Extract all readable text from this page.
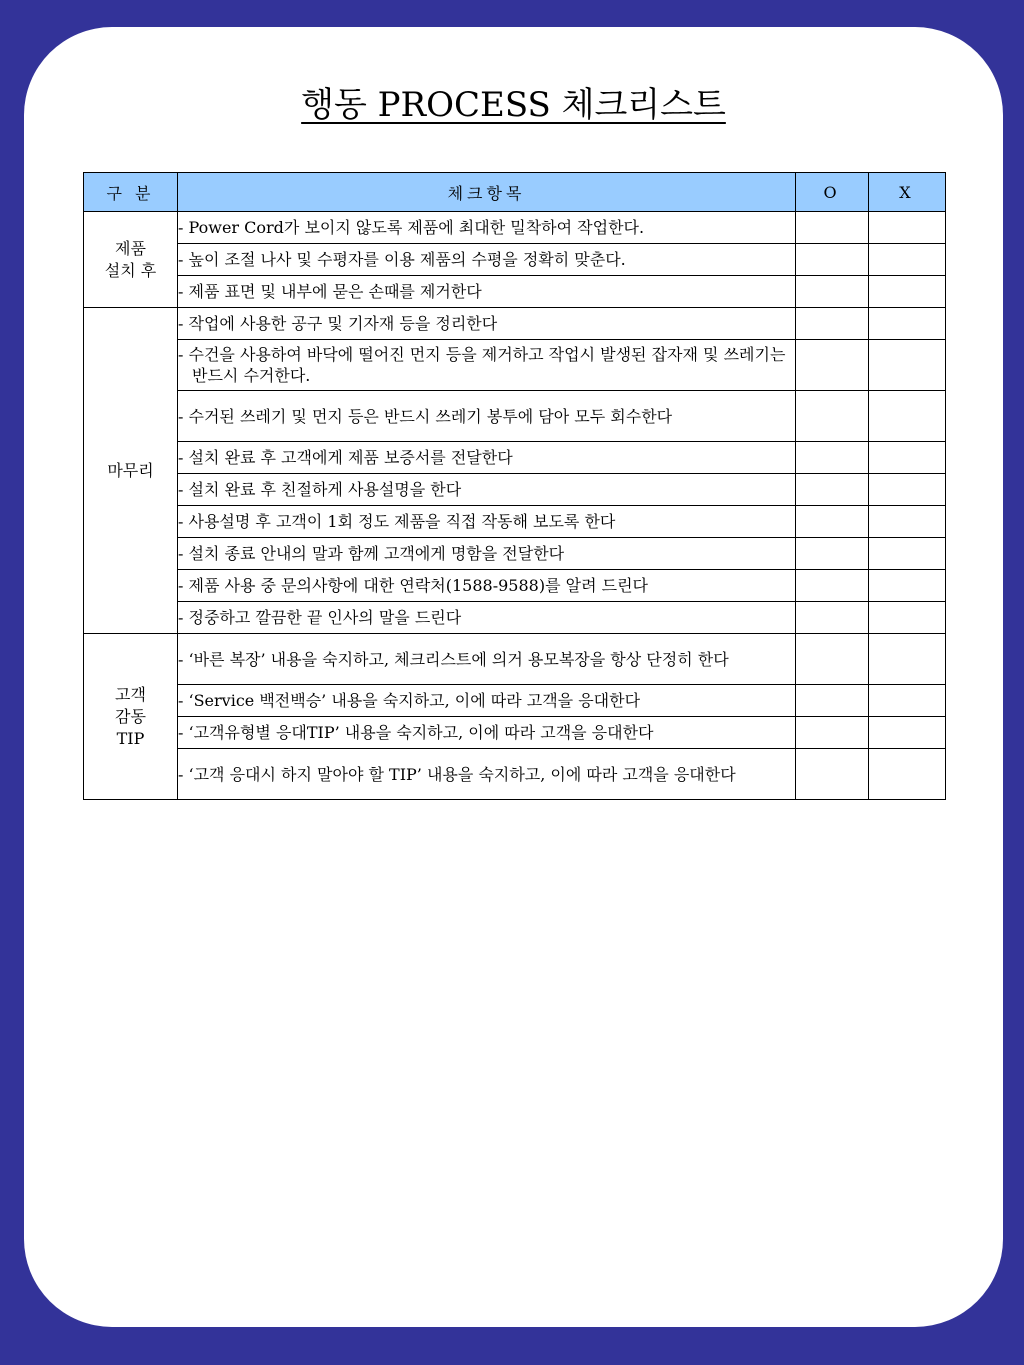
행동 PROCESS 체크리스트
구 분	체크항목	O	X
제품
설치 후	- Power Cord가 보이지 않도록 제품에 최대한 밀착하여 작업한다.		

	- 높이 조절 나사 및 수평자를 이용 제품의 수평을 정확히 맞춘다.		

	- 제품 표면 및 내부에 묻은 손때를 제거한다		

마무리	- 작업에 사용한 공구 및 기자재 등을 정리한다		

	- 수건을 사용하여 바닥에 떨어진 먼지 등을 제거하고 작업시 발생된 잡자재 및 쓰레기는 반드시 수거한다.		

	- 수거된 쓰레기 및 먼지 등은 반드시 쓰레기 봉투에 담아 모두 회수한다		

	- 설치 완료 후 고객에게 제품 보증서를 전달한다		

	- 설치 완료 후 친절하게 사용설명을 한다		

	- 사용설명 후 고객이 1회 정도 제품을 직접 작동해 보도록 한다		

	- 설치 종료 안내의 말과 함께 고객에게 명함을 전달한다		

	- 제품 사용 중 문의사항에 대한 연락처(1588-9588)를 알려 드린다		

	- 정중하고 깔끔한 끝 인사의 말을 드린다		

고객
감동
TIP	- ‘바른 복장’ 내용을 숙지하고, 체크리스트에 의거 용모복장을 항상 단정히 한다		

	- ‘Service 백전백승’ 내용을 숙지하고, 이에 따라 고객을 응대한다		

	- ‘고객유형별 응대TIP’ 내용을 숙지하고, 이에 따라 고객을 응대한다		

	- ‘고객 응대시 하지 말아야 할 TIP’ 내용을 숙지하고, 이에 따라 고객을 응대한다		
